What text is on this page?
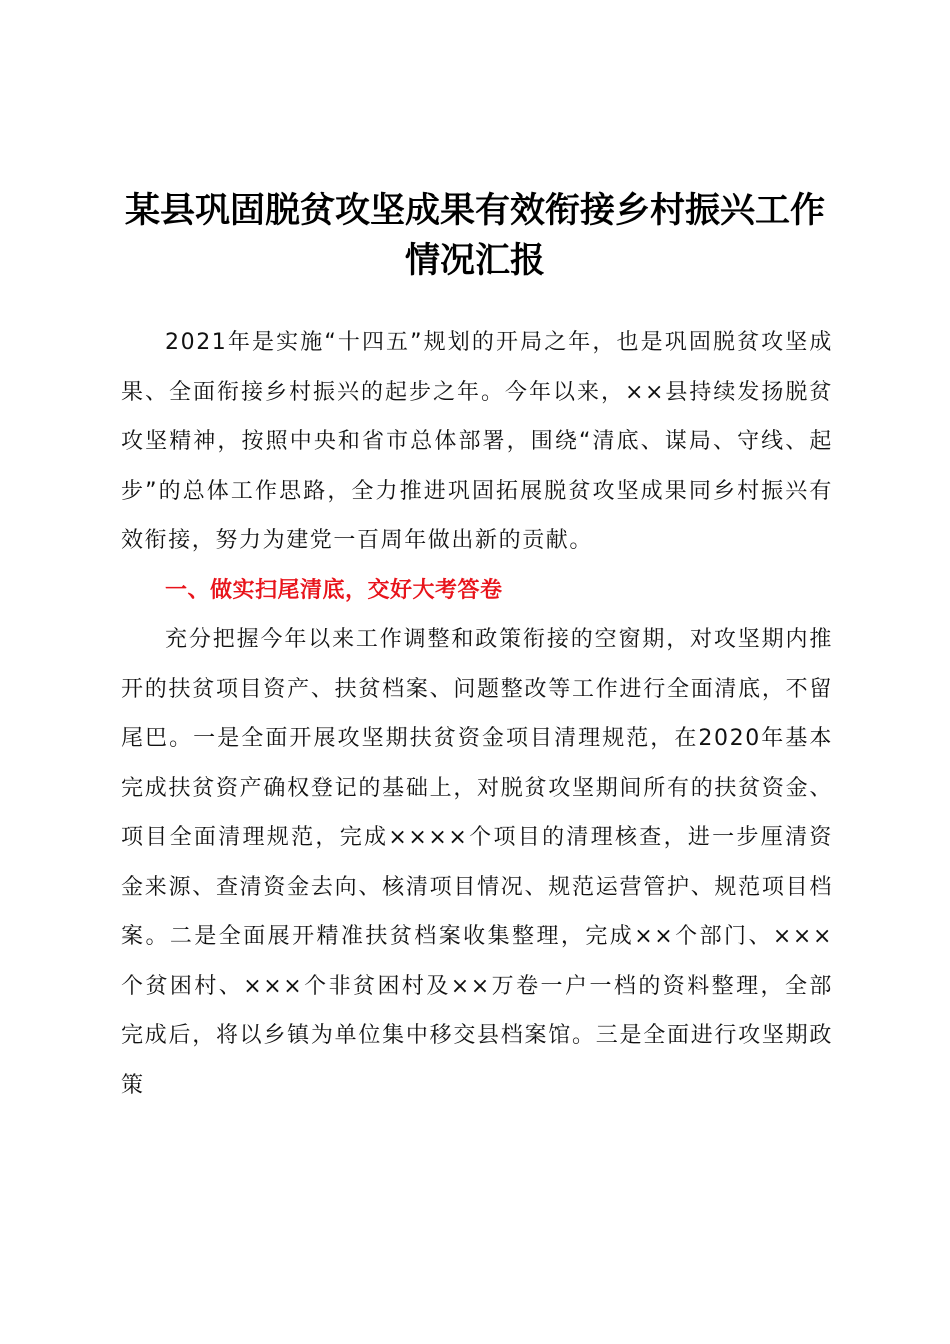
某县巩固脱贫攻坚成果有效衔接乡村振兴工作
情况汇报

2021年是实施“十四五”规划的开局之年，也是巩固脱贫攻坚成果、全面衔接乡村振兴的起步之年。今年以来，××县持续发扬脱贫攻坚精神，按照中央和省市总体部署，围绕“清底、谋局、守线、起步”的总体工作思路，全力推进巩固拓展脱贫攻坚成果同乡村振兴有效衔接，努力为建党一百周年做出新的贡献。

一、做实扫尾清底，交好大考答卷

充分把握今年以来工作调整和政策衔接的空窗期，对攻坚期内推开的扶贫项目资产、扶贫档案、问题整改等工作进行全面清底，不留尾巴。一是全面开展攻坚期扶贫资金项目清理规范，在2020年基本完成扶贫资产确权登记的基础上，对脱贫攻坚期间所有的扶贫资金、项目全面清理规范，完成××××个项目的清理核查，进一步厘清资金来源、查清资金去向、核清项目情况、规范运营管护、规范项目档案。二是全面展开精准扶贫档案收集整理，完成××个部门、×××个贫困村、×××个非贫困村及××万卷一户一档的资料整理，全部完成后，将以乡镇为单位集中移交县档案馆。三是全面进行攻坚期政策
